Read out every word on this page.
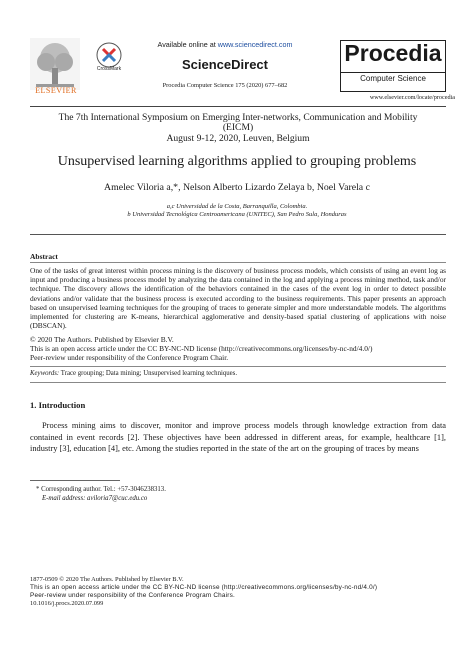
ELSEVIER
CrossMark
Available online at www.sciencedirect.com
ScienceDirect
Procedia Computer Science 175 (2020) 677–682
Procedia
Computer Science
www.elsevier.com/locate/procedia
The 7th International Symposium on Emerging Inter-networks, Communication and Mobility
(EICM)
August 9-12, 2020, Leuven, Belgium
Unsupervised learning algorithms applied to grouping problems
Amelec Viloria a,*, Nelson Alberto Lizardo Zelaya b, Noel Varela c
a,c Universidad de la Costa, Barranquilla, Colombia.
b Universidad Tecnológica Centroamericana (UNITEC), San Pedro Sula, Honduras
Abstract
One of the tasks of great interest within process mining is the discovery of business process models, which consists of using an event log as input and producing a business process model by analyzing the data contained in the log and applying a process mining method, task and/or technique. The discovery allows the identification of the behaviors contained in the cases of the event log in order to detect possible deviations and/or validate that the business process is executed according to the business requirements. This paper presents an approach based on unsupervised learning techniques for the grouping of traces to generate simpler and more understandable models. The algorithms implemented for clustering are K-means, hierarchical agglomerative and density-based spatial clustering of applications with noise (DBSCAN).
© 2020 The Authors. Published by Elsevier B.V.
This is an open access article under the CC BY-NC-ND license (http://creativecommons.org/licenses/by-nc-nd/4.0/)
Peer-review under responsibility of the Conference Program Chair.
Keywords: Trace grouping; Data mining; Unsupervised learning techniques.
1. Introduction

Process mining aims to discover, monitor and improve process models through knowledge extraction from data contained in event records [2]. These objectives have been addressed in different areas, for example, healthcare [1], industry [3], education [4], etc. Among the studies reported in the state of the art on the grouping of traces by means

* Corresponding author. Tel.: +57-3046238313.
E-mail address: aviloria7@cuc.edu.co
1877-0509 © 2020 The Authors. Published by Elsevier B.V.
This is an open access article under the CC BY-NC-ND license (http://creativecommons.org/licenses/by-nc-nd/4.0/)
Peer-review under responsibility of the Conference Program Chairs.
10.1016/j.procs.2020.07.099
